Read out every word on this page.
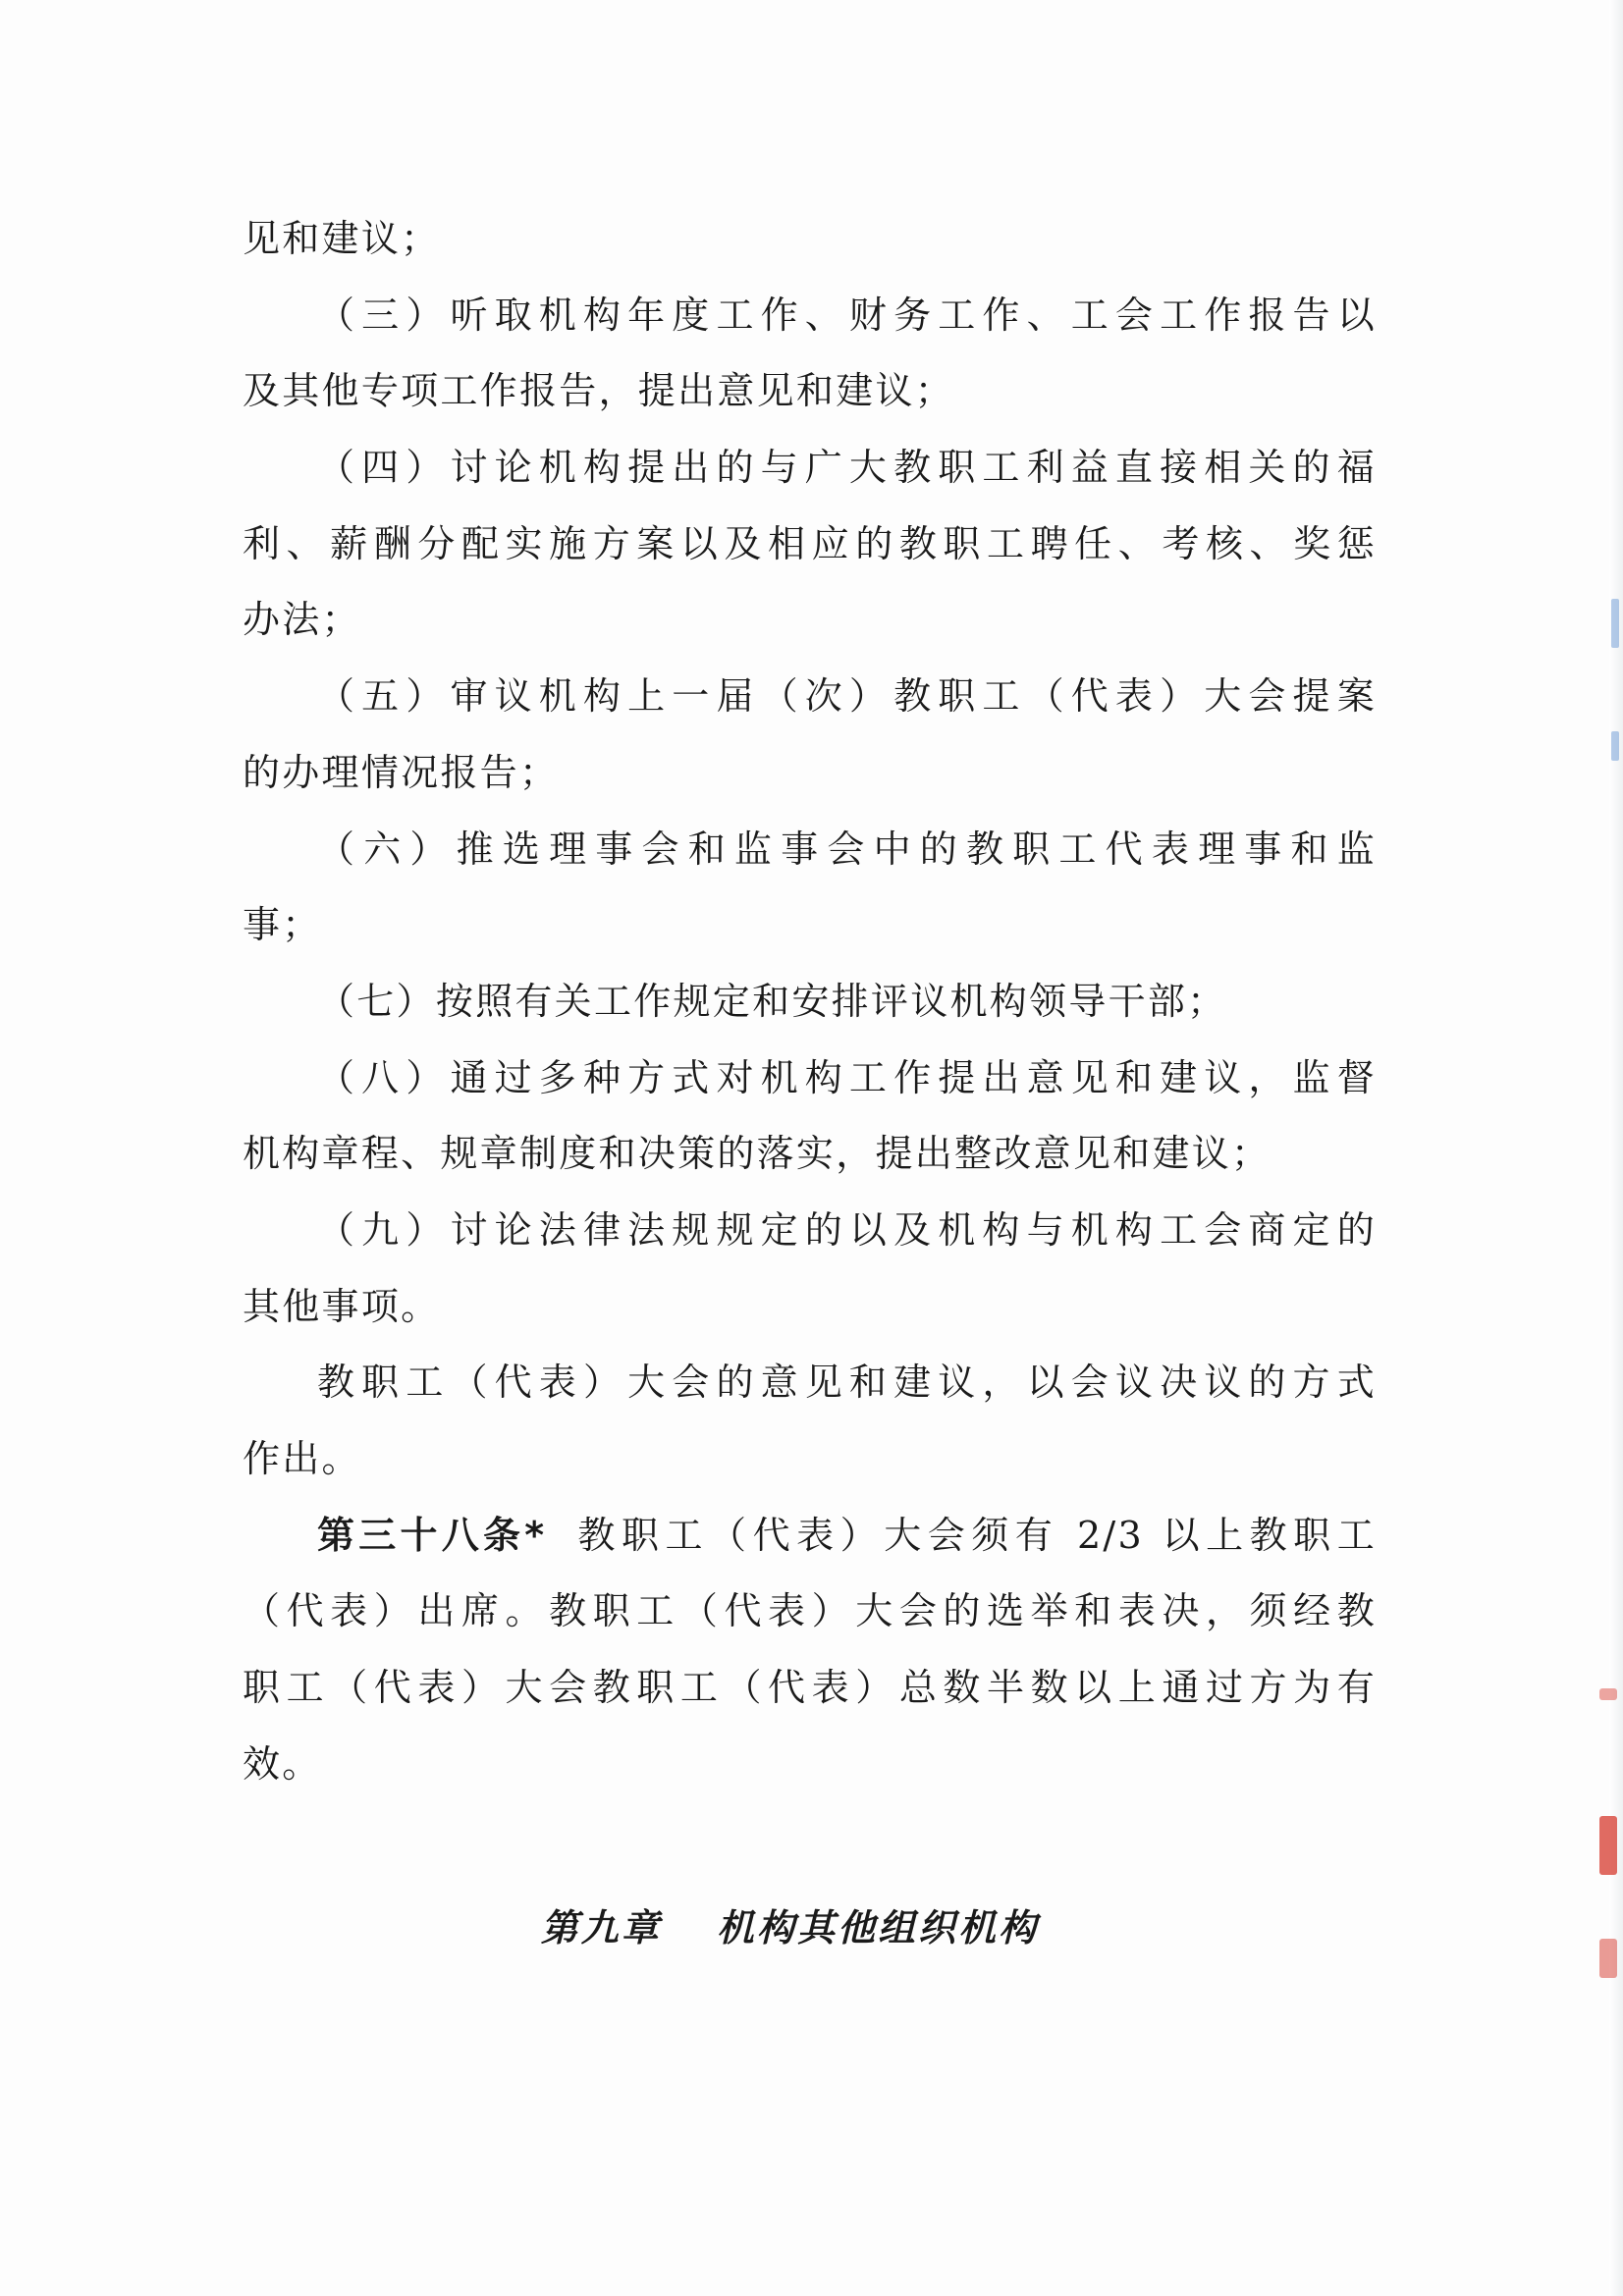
见和建议；
（三）听取机构年度工作、财务工作、工会工作报告以
及其他专项工作报告，提出意见和建议；
（四）讨论机构提出的与广大教职工利益直接相关的福
利、薪酬分配实施方案以及相应的教职工聘任、考核、奖惩
办法；
（五）审议机构上一届（次）教职工（代表）大会提案
的办理情况报告；
（六）推选理事会和监事会中的教职工代表理事和监
事；
（七）按照有关工作规定和安排评议机构领导干部；
（八）通过多种方式对机构工作提出意见和建议，监督
机构章程、规章制度和决策的落实，提出整改意见和建议；
（九）讨论法律法规规定的以及机构与机构工会商定的
其他事项。
教职工（代表）大会的意见和建议，以会议决议的方式
作出。
第三十八条* 教职工（代表）大会须有 2/3 以上教职工
（代表）出席。教职工（代表）大会的选举和表决，须经教
职工（代表）大会教职工（代表）总数半数以上通过方为有
效。
第九章 机构其他组织机构
